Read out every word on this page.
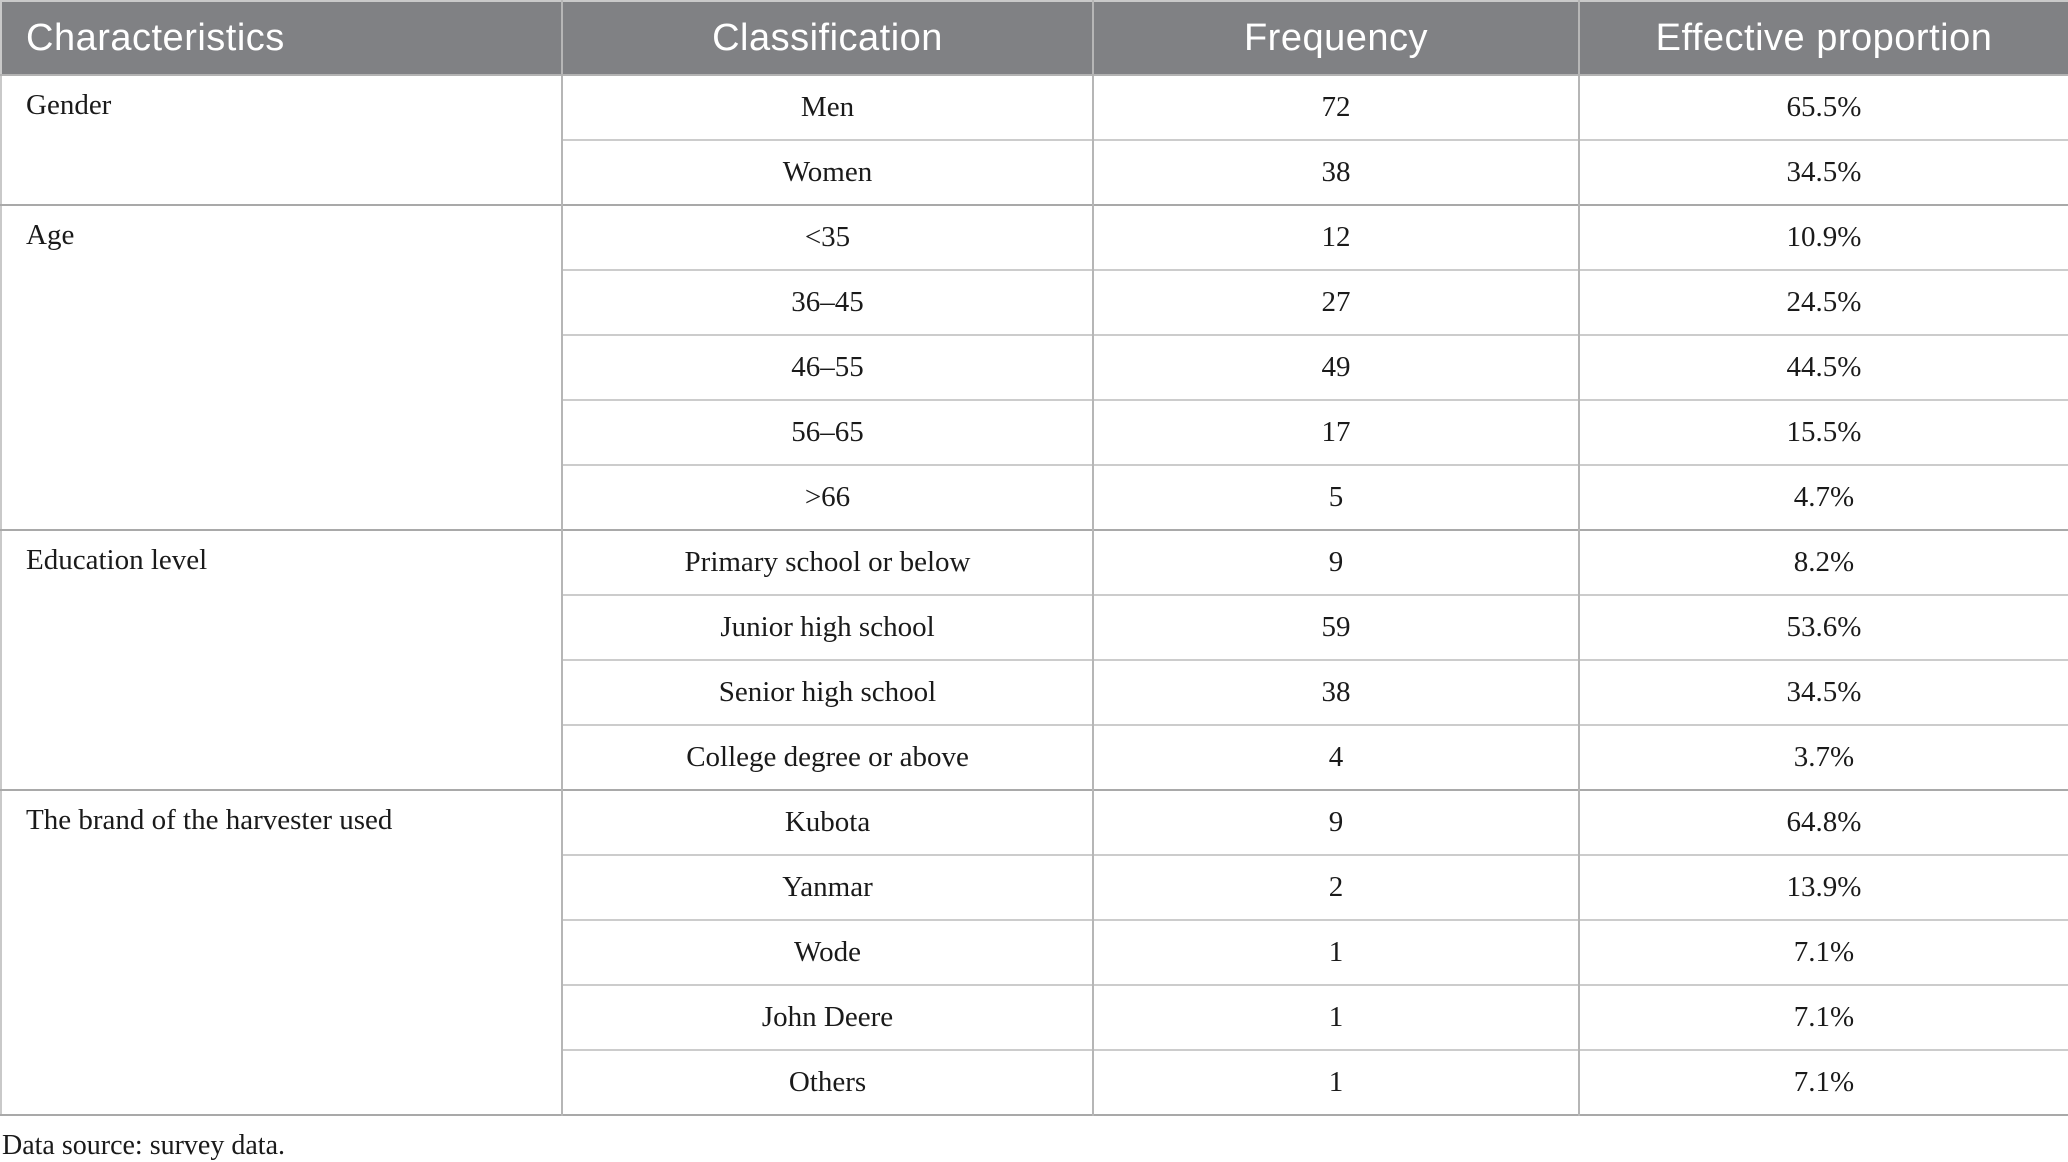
Characteristics	Classification	Frequency	Effective proportion
Gender	Men	72	65.5%
	Women	38	34.5%
Age	<35	12	10.9%
	36–45	27	24.5%
	46–55	49	44.5%
	56–65	17	15.5%
	>66	5	4.7%
Education level	Primary school or below	9	8.2%
	Junior high school	59	53.6%
	Senior high school	38	34.5%
	College degree or above	4	3.7%
The brand of the harvester used	Kubota	9	64.8%
	Yanmar	2	13.9%
	Wode	1	7.1%
	John Deere	1	7.1%
	Others	1	7.1%
Data source: survey data.
